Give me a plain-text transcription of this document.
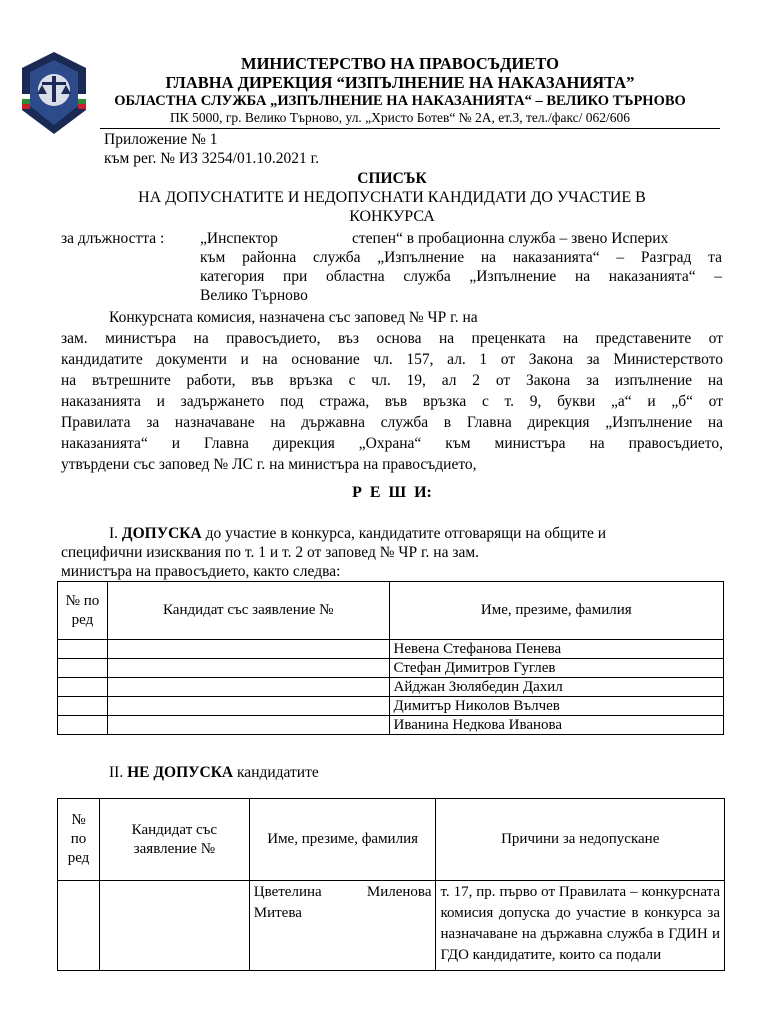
МИНИСТЕРСТВО НА ПРАВОСЪДИЕТО
ГЛАВНА ДИРЕКЦИЯ “ИЗПЪЛНЕНИЕ НА НАКАЗАНИЯТА”
ОБЛАСТНА СЛУЖБА „ИЗПЪЛНЕНИЕ НА НАКАЗАНИЯТА“ – ВЕЛИКО ТЪРНОВО
ПК 5000, гр. Велико Търново, ул. „Христо Ботев“ № 2А, ет.3, тел./факс/ 062/606
Приложение № 1
към рег. № ИЗ 3254/01.10.2021 г.
СПИСЪК
НА ДОПУСНАТИТЕ И НЕДОПУСНАТИ КАНДИДАТИ ДО УЧАСТИЕ В
КОНКУРСА
за длъжността : „Инспектор	степен“ в пробационна служба – звено Исперих
към районна служба „Изпълнение на наказанията“ – Разград та
категория при областна служба „Изпълнение на наказанията“ –
Велико Търново
Конкурсната комисия, назначена със заповед № ЧР г. на
зам. министъра на правосъдието, въз основа на преценката на представените от
кандидатите документи и на основание чл. 157, ал. 1 от Закона за Министерството
на вътрешните работи, във връзка с чл. 19, ал 2 от Закона за изпълнение на
наказанията и задържането под стража, във връзка с т. 9, букви „а“ и „б“ от
Правилата за назначаване на държавна служба в Главна дирекция „Изпълнение на
наказанията“ и Главна дирекция „Охрана“ към министъра на правосъдието,
утвърдени със заповед № ЛС г. на министъра на правосъдието,
Р Е Ш И:
I. ДОПУСКА до участие в конкурса, кандидатите отговарящи на общите и
специфични изисквания по т. 1 и т. 2 от заповед № ЧР г. на зам.
министъра на правосъдието, както следва:
№ по ред	Кандидат със заявление №	Име, презиме, фамилия
		Невена Стефанова Пенева
		Стефан Димитров Гуглев
		Айджан Зюлябедин Дахил
		Димитър Николов Вълчев
		Иванина Недкова Иванова
II. НЕ ДОПУСКА кандидатите
№ по ред	Кандидат със заявление №	Име, презиме, фамилия	Причини за недопускане
		Цветелина Миленова Митева	т. 17, пр. първо от Правилата – конкурсната комисия допуска до участие в конкурса за назначаване на държавна служба в ГДИН и ГДО кандидатите, които са подали
